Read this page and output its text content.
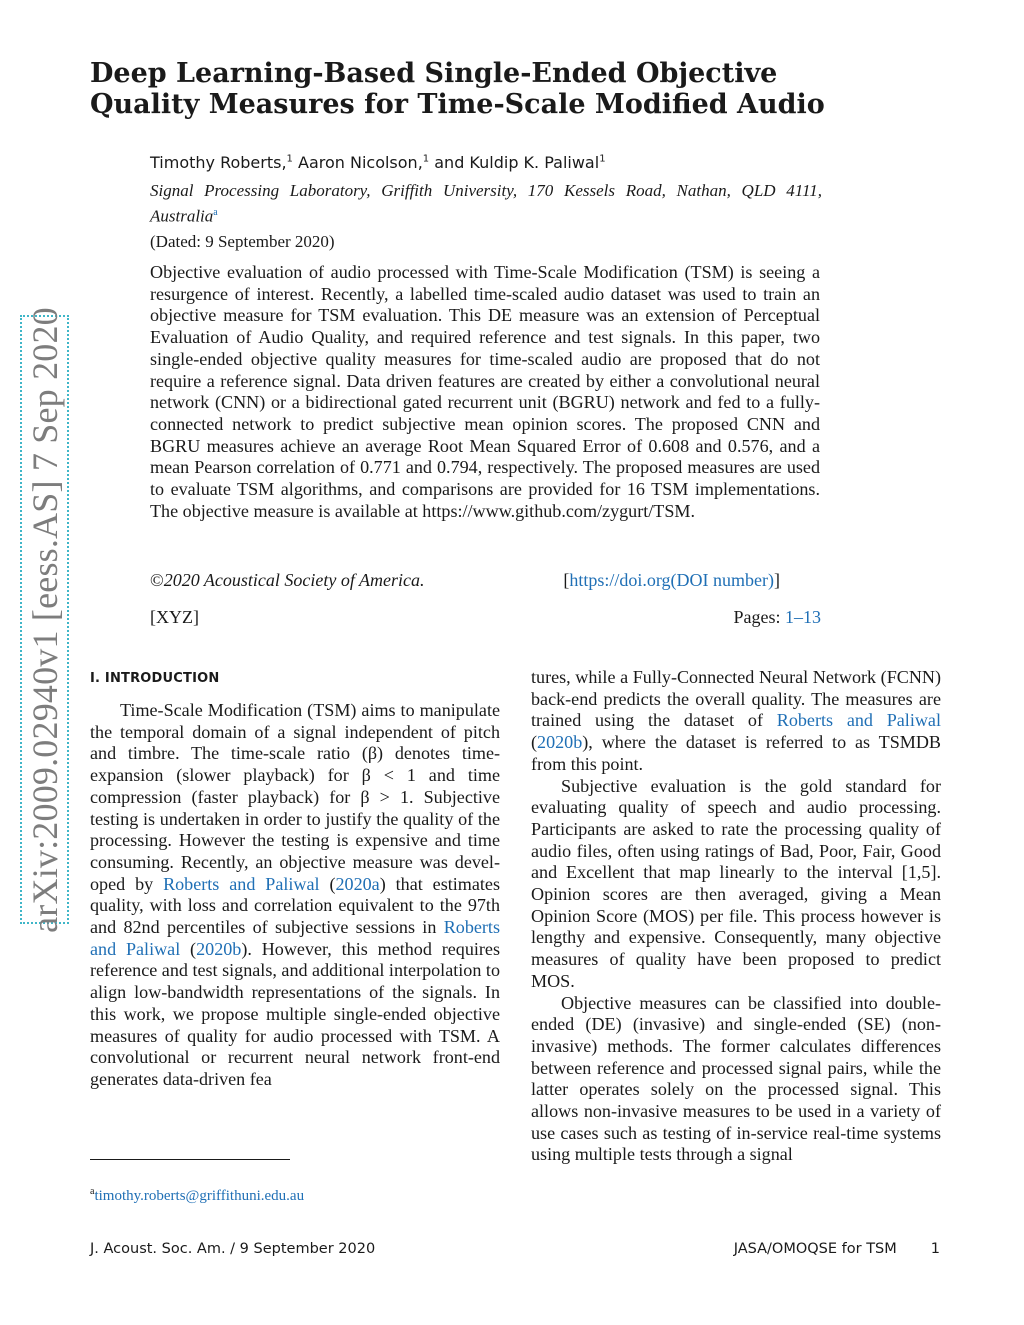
Deep Learning-Based Single-Ended Objective
Quality Measures for Time-Scale Modified Audio
Timothy Roberts,$^1$ Aaron Nicolson,$^1$ and Kuldip K. Paliwal$^1$
Signal Processing Laboratory, Griffith University, 170 Kessels Road, Nathan, QLD 4111, Australia$^a$
(Dated: 9 September 2020)
Objective evaluation of audio processed with Time-Scale Modification (TSM) is seeing a resurgence of interest. Recently, a labelled time-scaled audio dataset was used to train an objective measure for TSM evaluation. This DE measure was an extension of Perceptual Evaluation of Audio Quality, and required reference and test signals. In this paper, two single-ended objective quality measures for time-scaled audio are proposed that do not require a reference signal. Data driven features are created by either a convolutional neural network (CNN) or a bidirectional gated recurrent unit (BGRU) network and fed to a fully-connected network to predict subjective mean opinion scores. The proposed CNN and BGRU measures achieve an average Root Mean Squared Error of 0.608 and 0.576, and a mean Pearson correlation of 0.771 and 0.794, respectively. The proposed measures are used to evaluate TSM algorithms, and comparisons are provided for 16 TSM implementations. The objective measure is available at https://www.github.com/zygurt/TSM.
©2020 Acoustical Society of America.	[https://doi.org(DOI number)]
[XYZ]	Pages: 1–13
arXiv:2009.02940v1 [eess.AS] 7 Sep 2020 I. INTRODUCTION

Time-Scale Modification (TSM) aims to manipulate the temporal domain of a signal independent of pitch and timbre. The time-scale ratio (β) denotes time-expansion (slower playback) for β < 1 and time compression (faster playback) for β > 1. Subjective testing is undertaken in order to justify the quality of the processing. However the testing is expensive and time consuming. Recently, an objective measure was developed by Roberts and Paliwal (2020a) that estimates quality, with loss and correlation equivalent to the 97th and 82nd percentiles of subjective sessions in Roberts and Paliwal (2020b). However, this method requires reference and test signals, and additional interpolation to align low-bandwidth representations of the signals. In this work, we propose multiple single-ended objective measures of quality for audio processed with TSM. A convolutional or recurrent neural network front-end generates data-driven fea

tures, while a Fully-Connected Neural Network (FCNN) back-end predicts the overall quality. The measures are trained using the dataset of Roberts and Paliwal (2020b), where the dataset is referred to as TSMDB from this point.

Subjective evaluation is the gold standard for evaluating quality of speech and audio processing. Participants are asked to rate the processing quality of audio files, often using ratings of Bad, Poor, Fair, Good and Excellent that map linearly to the interval [1,5]. Opinion scores are then averaged, giving a Mean Opinion Score (MOS) per file. This process however is lengthy and expensive. Consequently, many objective measures of quality have been proposed to predict MOS.

Objective measures can be classified into double-ended (DE) (invasive) and single-ended (SE) (non-invasive) methods. The former calculates differences between reference and processed signal pairs, while the latter operates solely on the processed signal. This allows non-invasive measures to be used in a variety of use cases such as testing of in-service real-time systems using multiple tests through a signal

$^a$timothy.roberts@griffithuni.edu.au
J. Acoust. Soc. Am. / 9 September 2020	JASA/OMOQSE for TSM 1
